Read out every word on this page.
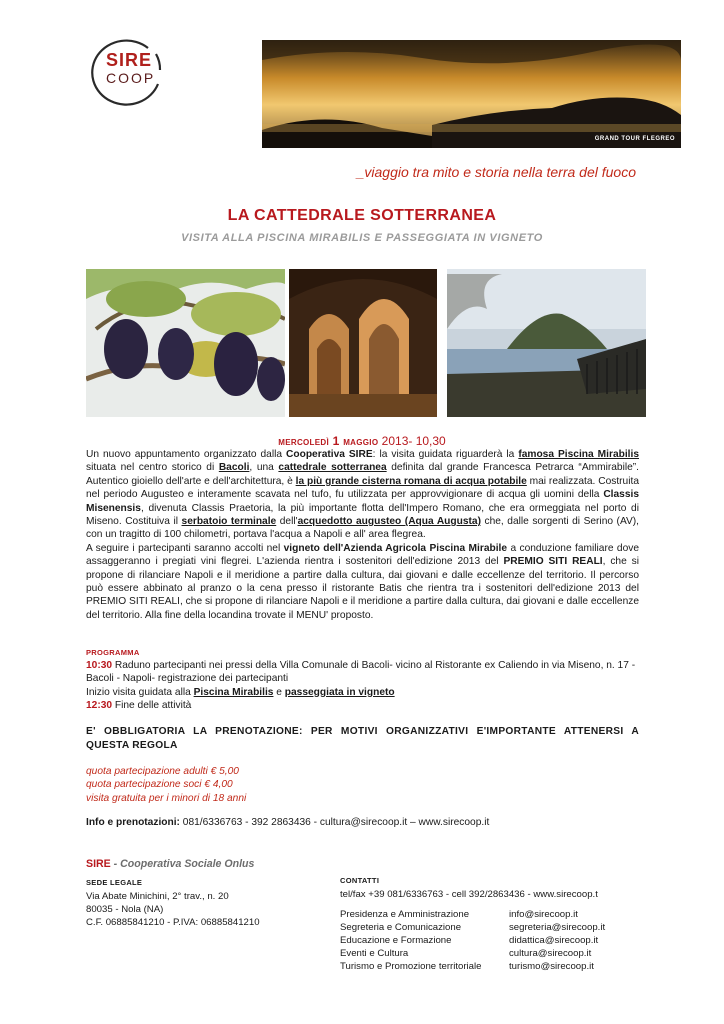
SIRE
COOP
GRAND TOUR FLEGREO
_viaggio tra mito e storia nella terra del fuoco
LA CATTEDRALE SOTTERRANEA
VISITA ALLA PISCINA MIRABILIS E PASSEGGIATA IN VIGNETO
mercoledì 1 maggio 2013- 10,30

Un nuovo appuntamento organizzato dalla Cooperativa SIRE: la visita guidata riguarderà la famosa Piscina Mirabilis situata nel centro storico di Bacoli, una cattedrale sotterranea definita dal grande Francesca Petrarca “Ammirabile”. Autentico gioiello dell'arte e dell'architettura, è la più grande cisterna romana di acqua potabile mai realizzata. Costruita nel periodo Augusteo e interamente scavata nel tufo, fu utilizzata per approvvigionare di acqua gli uomini della Classis Misenensis, divenuta Classis Praetoria, la più importante flotta dell'Impero Romano, che era ormeggiata nel porto di Miseno. Costituiva il serbatoio terminale dell'acquedotto augusteo (Aqua Augusta) che, dalle sorgenti di Serino (AV), con un tragitto di 100 chilometri, portava l'acqua a Napoli e all' area flegrea.

A seguire i partecipanti saranno accolti nel vigneto dell'Azienda Agricola Piscina Mirabile a conduzione familiare dove assaggeranno i pregiati vini flegrei. L'azienda rientra i sostenitori dell'edizione 2013 del PREMIO SITI REALI, che si propone di rilanciare Napoli e il meridione a partire dalla cultura, dai giovani e dalle eccellenze del territorio. Il percorso può essere abbinato al pranzo o la cena presso il ristorante Batis che rientra tra i sostenitori dell'edizione 2013 del PREMIO SITI REALI, che si propone di rilanciare Napoli e il meridione a partire dalla cultura, dai giovani e dalle eccellenze del territorio. Alla fine della locandina trovate il MENU' proposto.

PROGRAMMA
10:30 Raduno partecipanti nei pressi della Villa Comunale di Bacoli- vicino al Ristorante ex Caliendo in via Miseno, n. 17 - Bacoli - Napoli- registrazione dei partecipanti
Inizio visita guidata alla Piscina Mirabilis e passeggiata in vigneto
12:30 Fine delle attività
E' OBBLIGATORIA LA PRENOTAZIONE: PER MOTIVI ORGANIZZATIVI E'IMPORTANTE ATTENERSI A QUESTA REGOLA
quota partecipazione adulti € 5,00
quota partecipazione soci € 4,00
visita gratuita per i minori di 18 anni
Info e prenotazioni: 081/6336763 - 392 2863436 - cultura@sirecoop.it – www.sirecoop.it
SIRE - Cooperativa Sociale Onlus
SEDE LEGALE
Via Abate Minichini, 2° trav., n. 20
80035 - Nola (NA)
C.F. 06885841210 - P.IVA: 06885841210
CONTATTI
tel/fax +39 081/6336763 - cell 392/2863436 - www.sirecoop.t
Presidenza e Amministrazione	info@sirecoop.it
Segreteria e Comunicazione	segreteria@sirecoop.it
Educazione e Formazione	didattica@sirecoop.it
Eventi e Cultura	cultura@sirecoop.it
Turismo e Promozione territoriale	turismo@sirecoop.it
